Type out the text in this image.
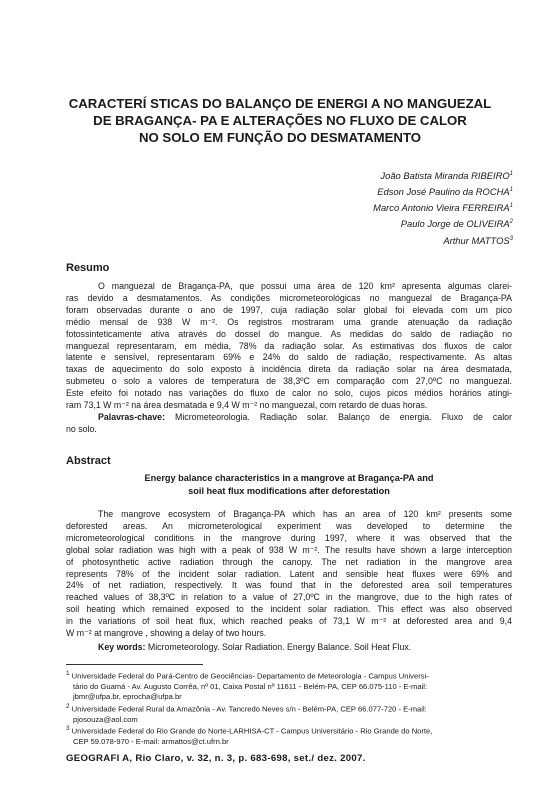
CARACTERÍ STICAS DO BALANÇO DE ENERGI A NO MANGUEZAL
DE BRAGANÇA- PA E ALTERAÇÕES NO FLUXO DE CALOR
NO SOLO EM FUNÇÃO DO DESMATAMENTO
João Batista Miranda RIBEIRO$^1$
Edson José Paulino da ROCHA$^1$
Marco Antonio Vieira FERREIRA$^1$
Paulo Jorge de OLIVEIRA$^2$
Arthur MATTOS$^3$
Resumo
O manguezal de Bragança-PA, que possui uma área de 120 km² apresenta algumas clarei-
ras devido a desmatamentos. As condições micrometeorológicas no manguezal de Bragança-PA
foram observadas durante o ano de 1997, cuja radiação solar global foi elevada com um pico
médio mensal de 938 W m⁻². Os registros mostraram uma grande atenuação da radiação
fotossinteticamente ativa através do dossel do mangue. As medidas do saldo de radiação no
manguezal representaram, em média, 78% da radiação solar. As estimativas dos fluxos de calor
latente e sensível, representaram 69% e 24% do saldo de radiação, respectivamente. As altas
taxas de aquecimento do solo exposto à incidência direta da radiação solar na área desmatada,
submeteu o solo a valores de temperatura de 38,3ºC em comparação com 27,0ºC no manguezal.
Este efeito foi notado nas variações do fluxo de calor no solo, cujos picos médios horários atingi-
ram 73,1 W m⁻² na área desmatada e 9,4 W m⁻² no manguezal, com retardo de duas horas.
Palavras-chave: Micrometeorologia. Radiação solar. Balanço de energia. Fluxo de calor
no solo.
Abstract
Energy balance characteristics in a mangrove at Bragança-PA and
soil heat flux modifications after deforestation
The mangrove ecosystem of Bragança-PA which has an area of 120 km² presents some
deforested areas. An micrometerological experiment was developed to determine the
micrometeorological conditions in the mangrove during 1997, where it was observed that the
global solar radiation was high with a peak of 938 W m⁻². The results have shown a large interception
of photosynthetic active radiation through the canopy. The net radiation in the mangrove area
represents 78% of the incident solar radiation. Latent and sensible heat fluxes were 69% and
24% of net radiation, respectively. It was found that in the deforested area soil temperatures
reached values of 38,3ºC in relation to a value of 27,0ºC in the mangrove, due to the high rates of
soil heating which remained exposed to the incident solar radiation. This effect was also observed
in the variations of soil heat flux, which reached peaks of 73,1 W m⁻² at deforested area and 9,4
W m⁻² at mangrove , showing a delay of two hours.
Key words: Micrometeorology. Solar Radiation. Energy Balance. Soil Heat Flux.
$^1$ Universidade Federal do Pará-Centro de Geociências- Departamento de Meteorologia - Campus Universi-
tário do Guamá - Av. Augusto Corrêa, nº 01, Caixa Postal nº 11611 - Belém-PA, CEP 66.075-110 - E-mail:
jbmr@ufpa.br, eprocha@ufpa.br
$^2$ Universidade Federal Rural da Amazônia - Av. Tancredo Neves s/n - Belém-PA, CEP 66.077-720 - E-mail:
pjosouza@aol.com
$^3$ Universidade Federal do Rio Grande do Norte-LARHISA-CT - Campus Universitário - Rio Grande do Norte,
CEP 59.078-970 - E-mail: armattos@ct.ufrn.br
GEOGRAFI A, Rio Claro, v. 32, n. 3, p. 683-698, set./ dez. 2007.
